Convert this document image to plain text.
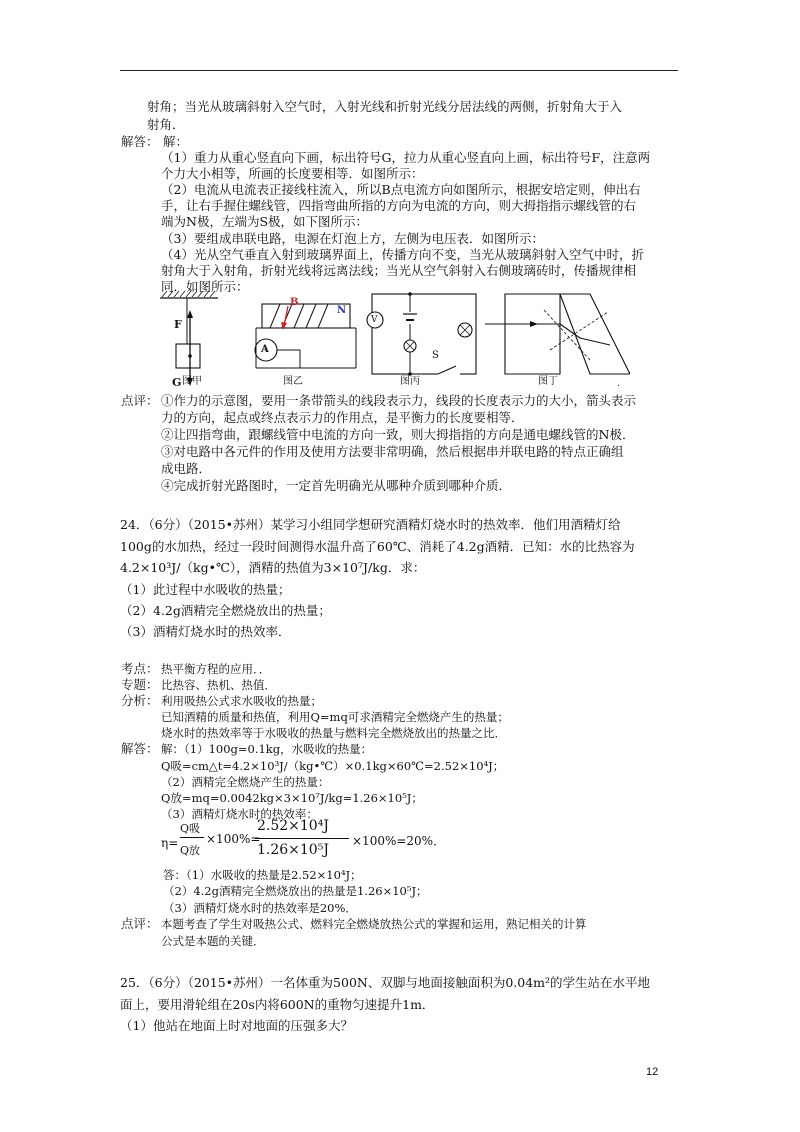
射角；当光从玻璃斜射入空气时，入射光线和折射光线分居法线的两侧，折射角大于入
射角．
解答： 解：
（1）重力从重心竖直向下画，标出符号G，拉力从重心竖直向上画，标出符号F，注意两
个力大小相等，所画的长度要相等．如图所示：
（2）电流从电流表正接线柱流入，所以B点电流方向如图所示，根据安培定则，伸出右
手，让右手握住螺线管，四指弯曲所指的方向为电流的方向，则大拇指指示螺线管的右
端为N极，左端为S极，如下图所示：
（3）要组成串联电路，电源在灯泡上方，左侧为电压表．如图所示：
（4）光从空气垂直入射到玻璃界面上，传播方向不变，当光从玻璃斜射入空气中时，折
射角大于入射角，折射光线将远离法线；当光从空气斜射入右侧玻璃砖时，传播规律相
同．如图所示：
F
G
A
B
N
V
S
图甲	图乙	图丙	图丁	.
点评： ①作力的示意图，要用一条带箭头的线段表示力，线段的长度表示力的大小，箭头表示
力的方向，起点或终点表示力的作用点，是平衡力的长度要相等．
②让四指弯曲，跟螺线管中电流的方向一致，则大拇指指的方向是通电螺线管的N极．
③对电路中各元件的作用及使用方法要非常明确，然后根据串并联电路的特点正确组
成电路．
④完成折射光路图时，一定首先明确光从哪种介质到哪种介质．
24．（6分）（2015•苏州）某学习小组同学想研究酒精灯烧水时的热效率．他们用酒精灯给
100g的水加热，经过一段时间测得水温升高了60℃、消耗了4.2g酒精．已知：水的比热容为
4.2×10³J/（kg•℃），酒精的热值为3×10⁷J/kg．求：
（1）此过程中水吸收的热量；
（2）4.2g酒精完全燃烧放出的热量；
（3）酒精灯烧水时的热效率．
考点： 热平衡方程的应用．．
专题： 比热容、热机、热值．
分析： 利用吸热公式求水吸收的热量；
已知酒精的质量和热值，利用Q=mq可求酒精完全燃烧产生的热量；
烧水时的热效率等于水吸收的热量与燃料完全燃烧放出的热量之比．
解答： 解：（1）100g=0.1kg，水吸收的热量：
Q吸=cm△t=4.2×10³J/（kg•℃）×0.1kg×60℃=2.52×10⁴J；
（2）酒精完全燃烧产生的热量：
Q放=mq=0.0042kg×3×10⁷J/kg=1.26×10⁵J；
（3）酒精灯烧水时的热效率：
η=
Q吸
Q放
×100%=
2.52×10⁴J
1.26×10⁵J
×100%=20%．
答：（1）水吸收的热量是2.52×10⁴J；
（2）4.2g酒精完全燃烧放出的热量是1.26×10⁵J；
（3）酒精灯烧水时的热效率是20%．
点评： 本题考查了学生对吸热公式、燃料完全燃烧放热公式的掌握和运用，熟记相关的计算
公式是本题的关键．
25．（6分）（2015•苏州）一名体重为500N、双脚与地面接触面积为0.04m²的学生站在水平地
面上，要用滑轮组在20s内将600N的重物匀速提升1m．
（1）他站在地面上时对地面的压强多大？
12
